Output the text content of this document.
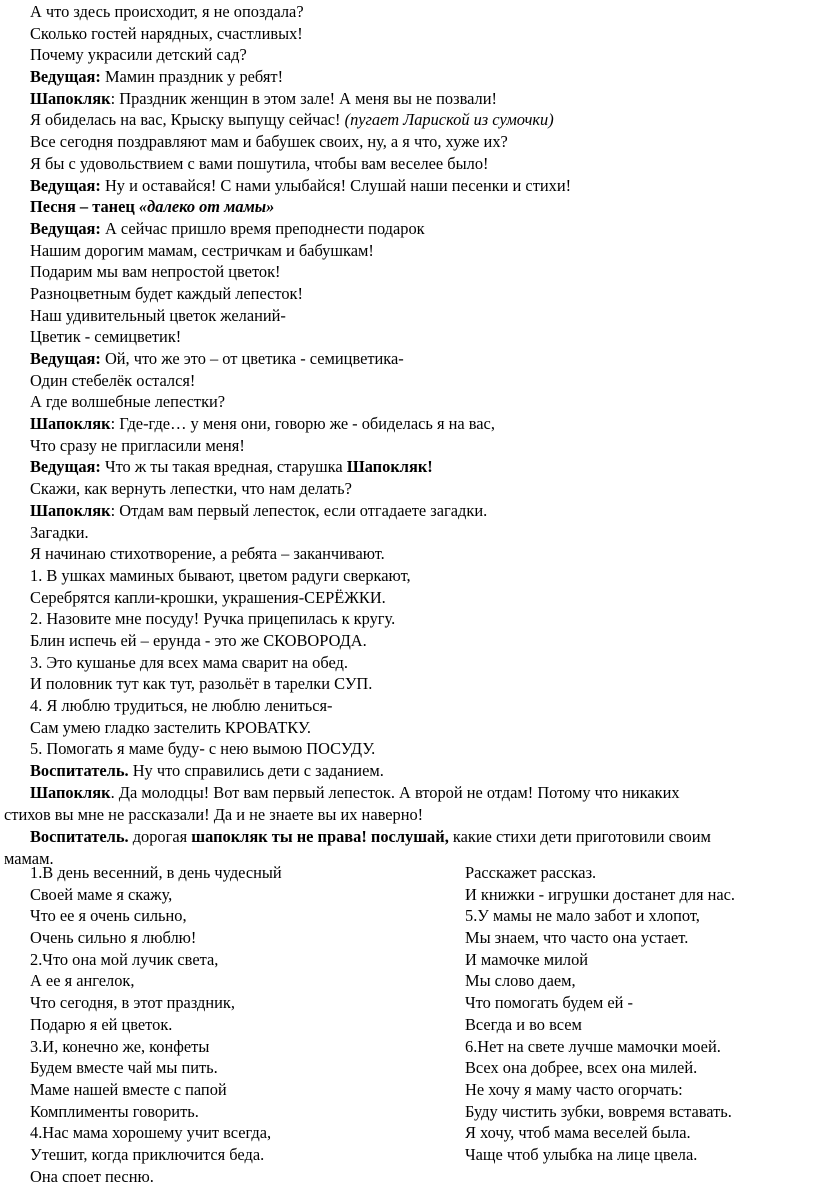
А что здесь происходит, я не опоздала?
Сколько гостей нарядных, счастливых!
Почему украсили детский сад?
Ведущая: Мамин праздник у ребят!
Шапокляк: Праздник женщин в этом зале! А меня вы не позвали!
Я обиделась на вас, Крыску выпущу сейчас! (пугает Лариской из сумочки)
Все сегодня поздравляют мам и бабушек своих, ну, а я что, хуже их?
Я бы с удовольствием с вами пошутила, чтобы вам веселее было!
Ведущая: Ну и оставайся! С нами улыбайся! Слушай наши песенки и стихи!
Песня – танец «далеко от мамы»
Ведущая: А сейчас пришло время преподнести подарок
Нашим дорогим мамам, сестричкам и бабушкам!
Подарим мы вам непростой цветок!
Разноцветным будет каждый лепесток!
Наш удивительный цветок желаний-
Цветик - семицветик!
Ведущая: Ой, что же это – от цветика - семицветика-
Один стебелёк остался!
А где волшебные лепестки?
Шапокляк: Где-где… у меня они, говорю же - обиделась я на вас,
Что сразу не пригласили меня!
Ведущая: Что ж ты такая вредная, старушка Шапокляк!
Скажи, как вернуть лепестки, что нам делать?
Шапокляк: Отдам вам первый лепесток, если отгадаете загадки.
Загадки.
Я начинаю стихотворение, а ребята – заканчивают.
1. В ушках маминых бывают, цветом радуги сверкают,
Серебрятся капли-крошки, украшения-СЕРЁЖКИ.
2. Назовите мне посуду! Ручка прицепилась к кругу.
Блин испечь ей – ерунда - это же СКОВОРОДА.
3. Это кушанье для всех мама сварит на обед.
И половник тут как тут, разольёт в тарелки СУП.
4. Я люблю трудиться, не люблю лениться-
Сам умею гладко застелить КРОВАТКУ.
5. Помогать я маме буду- с нею вымою ПОСУДУ.
Воспитатель. Ну что справились дети с заданием.
Шапокляк. Да молодцы! Вот вам первый лепесток. А второй не отдам! Потому что никаких
стихов вы мне не рассказали! Да и не знаете вы их наверно!
Воспитатель. дорогая шапокляк ты не права! послушай, какие стихи дети приготовили своим
мамам.
1.В день весенний, в день чудесный
Своей маме я скажу,
Что ее я очень сильно,
Очень сильно я люблю!
2.Что она мой лучик света,
А ее я ангелок,
Что сегодня, в этот праздник,
Подарю я ей цветок.
3.И, конечно же, конфеты
Будем вместе чай мы пить.
Маме нашей вместе с папой
Комплименты говорить.
4.Нас мама хорошему учит всегда,
Утешит, когда приключится беда.
Она споет песню.
Расскажет рассказ.
И книжки - игрушки достанет для нас.
5.У мамы не мало забот и хлопот,
Мы знаем, что часто она устает.
И мамочке милой
Мы слово даем,
Что помогать будем ей -
Всегда и во всем
6.Нет на свете лучше мамочки моей.
Всех она добрее, всех она милей.
Не хочу я маму часто огорчать:
Буду чистить зубки, вовремя вставать.
Я хочу, чтоб мама веселей была.
Чаще чтоб улыбка на лице цвела.
